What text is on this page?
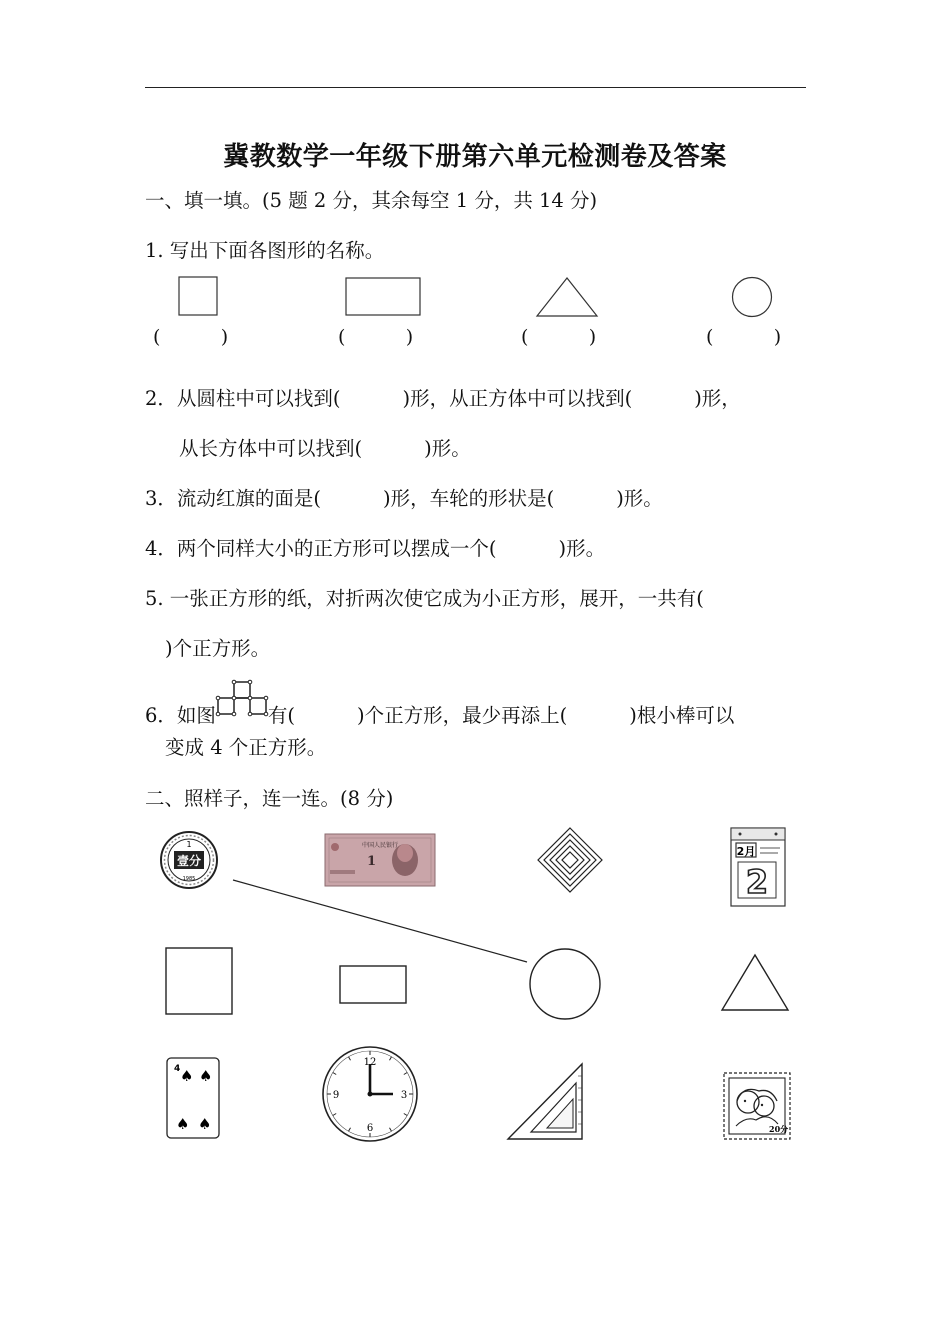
冀教数学一年级下册第六单元检测卷及答案
一、填一填。(5 题 2 分，其余每空 1 分，共 14 分)
1. 写出下面各图形的名称。
(          )	(          )	(          )	(          )
2．从圆柱中可以找到(          )形，从正方体中可以找到(          )形，
从长方体中可以找到(          )形。
3．流动红旗的面是(          )形，车轮的形状是(          )形。
4．两个同样大小的正方形可以摆成一个(          )形。
5. 一张正方形的纸，对折两次使它成为小正方形，展开，一共有(
)个正方形。
6．如图	有(          )个正方形，最少再添上(          )根小棒可以
变成 4 个正方形。
二、照样子，连一连。(8 分)
壹分
1
1985
中国人民银行
1
2月
2
4 ♠ ♠
♠ ♠
12
3
6
9
20分
